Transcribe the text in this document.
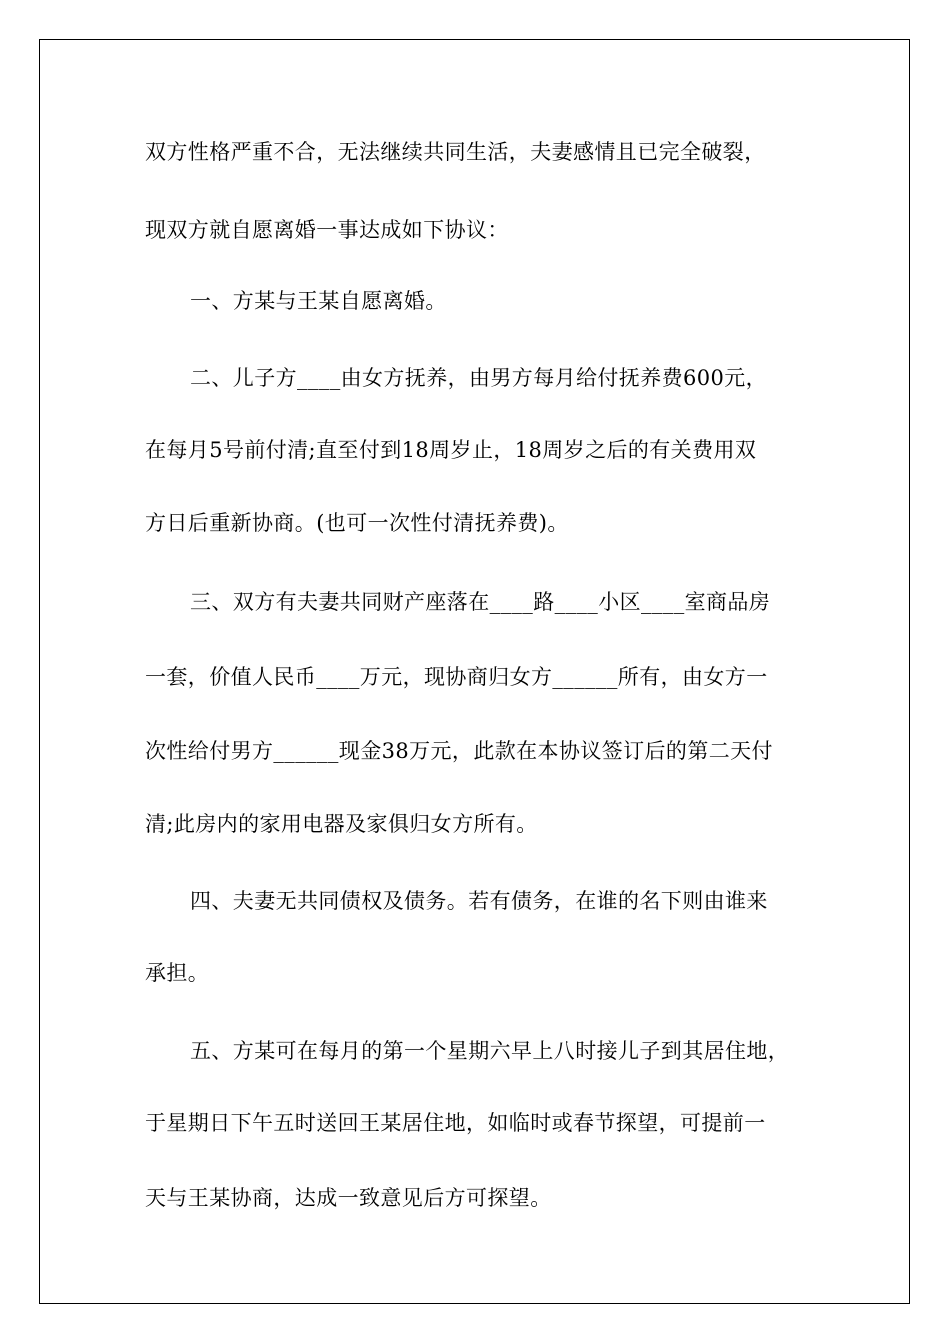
双方性格严重不合，无法继续共同生活，夫妻感情且已完全破裂，
现双方就自愿离婚一事达成如下协议：
一、方某与王某自愿离婚。
二、儿子方____由女方抚养，由男方每月给付抚养费600元，
在每月5号前付清;直至付到18周岁止，18周岁之后的有关费用双
方日后重新协商。(也可一次性付清抚养费)。
三、双方有夫妻共同财产座落在____路____小区____室商品房
一套，价值人民币____万元，现协商归女方______所有，由女方一
次性给付男方______现金38万元，此款在本协议签订后的第二天付
清;此房内的家用电器及家俱归女方所有。
四、夫妻无共同债权及债务。若有债务，在谁的名下则由谁来
承担。
五、方某可在每月的第一个星期六早上八时接儿子到其居住地，
于星期日下午五时送回王某居住地，如临时或春节探望，可提前一
天与王某协商，达成一致意见后方可探望。
